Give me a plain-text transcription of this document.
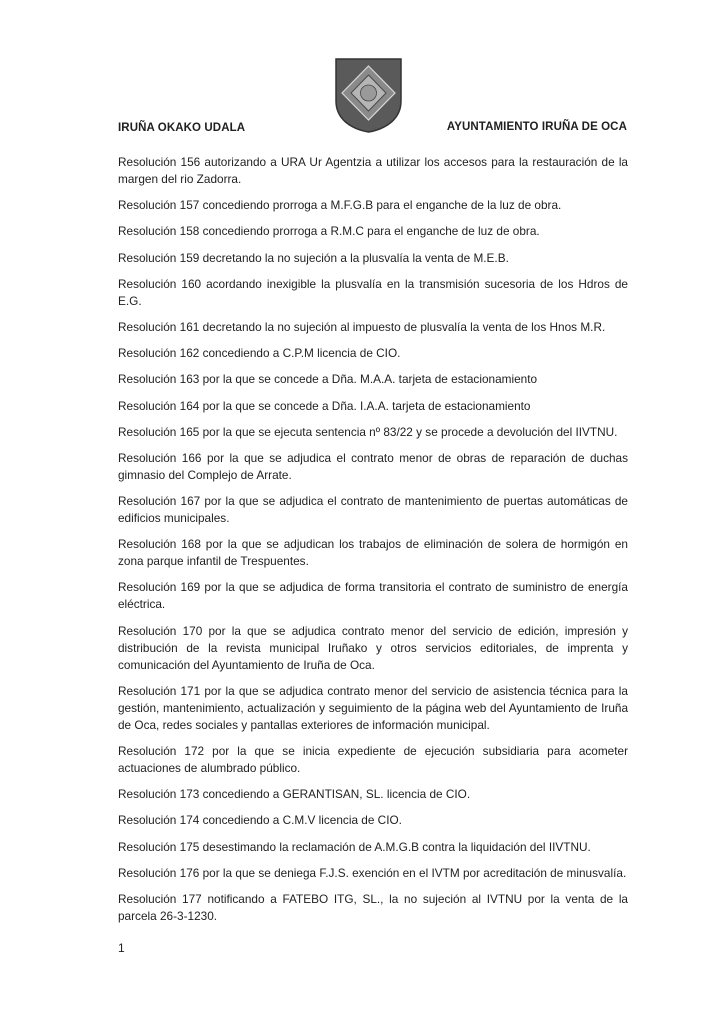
IRUÑA OKAKO UDALA	AYUNTAMIENTO IRUÑA DE OCA
Resolución 156 autorizando a URA Ur Agentzia a utilizar los accesos para la restauración de la margen del rio Zadorra.
Resolución 157 concediendo prorroga a M.F.G.B para el enganche de la luz de obra.
Resolución 158 concediendo prorroga a R.M.C para el enganche de luz de obra.
Resolución 159 decretando la no sujeción a la plusvalía la venta de M.E.B.
Resolución 160 acordando inexigible la plusvalía en la transmisión sucesoria de los Hdros de E.G.
Resolución 161 decretando la no sujeción al impuesto de plusvalía la venta de los Hnos M.R.
Resolución 162 concediendo a C.P.M licencia de CIO.
Resolución 163 por la que se concede a Dña. M.A.A. tarjeta de estacionamiento
Resolución 164 por la que se concede a Dña. I.A.A. tarjeta de estacionamiento
Resolución 165 por la que se ejecuta sentencia nº 83/22 y se procede a devolución del IIVTNU.
Resolución 166 por la que se adjudica el contrato menor de obras de reparación de duchas gimnasio del Complejo de Arrate.
Resolución 167 por la que se adjudica el contrato de mantenimiento de puertas automáticas de edificios municipales.
Resolución 168 por la que se adjudican los trabajos de eliminación de solera de hormigón en zona parque infantil de Trespuentes.
Resolución 169 por la que se adjudica de forma transitoria el contrato de suministro de energía eléctrica.
Resolución 170 por la que se adjudica contrato menor del servicio de edición, impresión y distribución de la revista municipal Iruñako y otros servicios editoriales, de imprenta y comunicación del Ayuntamiento de Iruña de Oca.
Resolución 171 por la que se adjudica contrato menor del servicio de asistencia técnica para la gestión, mantenimiento, actualización y seguimiento de la página web del Ayuntamiento de Iruña de Oca, redes sociales y pantallas exteriores de información municipal.
Resolución 172 por la que se inicia expediente de ejecución subsidiaria para acometer actuaciones de alumbrado público.
Resolución 173 concediendo a GERANTISAN, SL. licencia de CIO.
Resolución 174 concediendo a C.M.V licencia de CIO.
Resolución 175 desestimando la reclamación de A.M.G.B contra la liquidación del IIVTNU.
Resolución 176 por la que se deniega F.J.S. exención en el IVTM por acreditación de minusvalía.
Resolución 177 notificando a FATEBO ITG, SL., la no sujeción al IVTNU por la venta de la parcela 26-3-1230.
1
